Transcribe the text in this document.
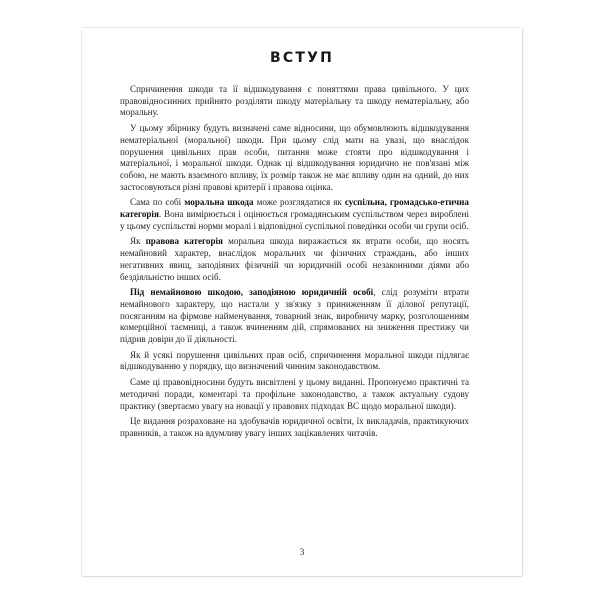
ВСТУП

Спричинення шкоди та її відшкодування є поняттями права цивільного. У цих правовідносинних прийнято розділяти шкоду матеріальну та шкоду нематеріальну, або моральну.

У цьому збірнику будуть визначені саме відносини, що обумовлюють відшкодування нематеріальної (моральної) шкоди. При цьому слід мати на увазі, що внаслідок порушення цивільних прав особи, питання може стояти про відшкодування і матеріальної, і моральної шкоди. Однак ці відшкодування юридично не пов'язані між собою, не мають взаємного впливу, їх розмір також не має впливу один на одний, до них застосовуються різні правові критерії і правова оцінка.

Сама по собі моральна шкода може розглядатися як суспільна, громадсько-етична категорія. Вона вимірюється і оцінюється громадянським суспільством через вироблені у цьому суспільстві норми моралі і відповідної суспільної поведінки особи чи групи осіб.

Як правова категорія моральна шкода виражається як втрати особи, що носять немайновий характер, внаслідок моральних чи фізичних страждань, або інших негативних явищ, заподіяних фізичній чи юридичній особі незаконними діями або бездіяльністю інших осіб.

Під немайновою шкодою, заподіяною юридичній особі, слід розуміти втрати немайнового характеру, що настали у зв'язку з приниженням її ділової репутації, посяганням на фірмове найменування, товарний знак, виробничу марку, розголошенням комерційної таємниці, а також вчиненням дій, спрямованих на зниження престижу чи підрив довіри до її діяльності.

Як й усякі порушення цивільних прав осіб, спричинення моральної шкоди підлягає відшкодуванню у порядку, що визначений чинним законодавством.

Саме ці правовідносини будуть висвітлені у цьому виданні. Пропонуємо практичні та методичні поради, коментарі та профільне законодавство, а також актуальну судову практику (звертаємо увагу на новації у правових підходах ВС щодо моральної шкоди).

Це видання розраховане на здобувачів юридичної освіти, їх викладачів, практикуючих правників, а також на вдумливу увагу інших зацікавлених читачів.

3
